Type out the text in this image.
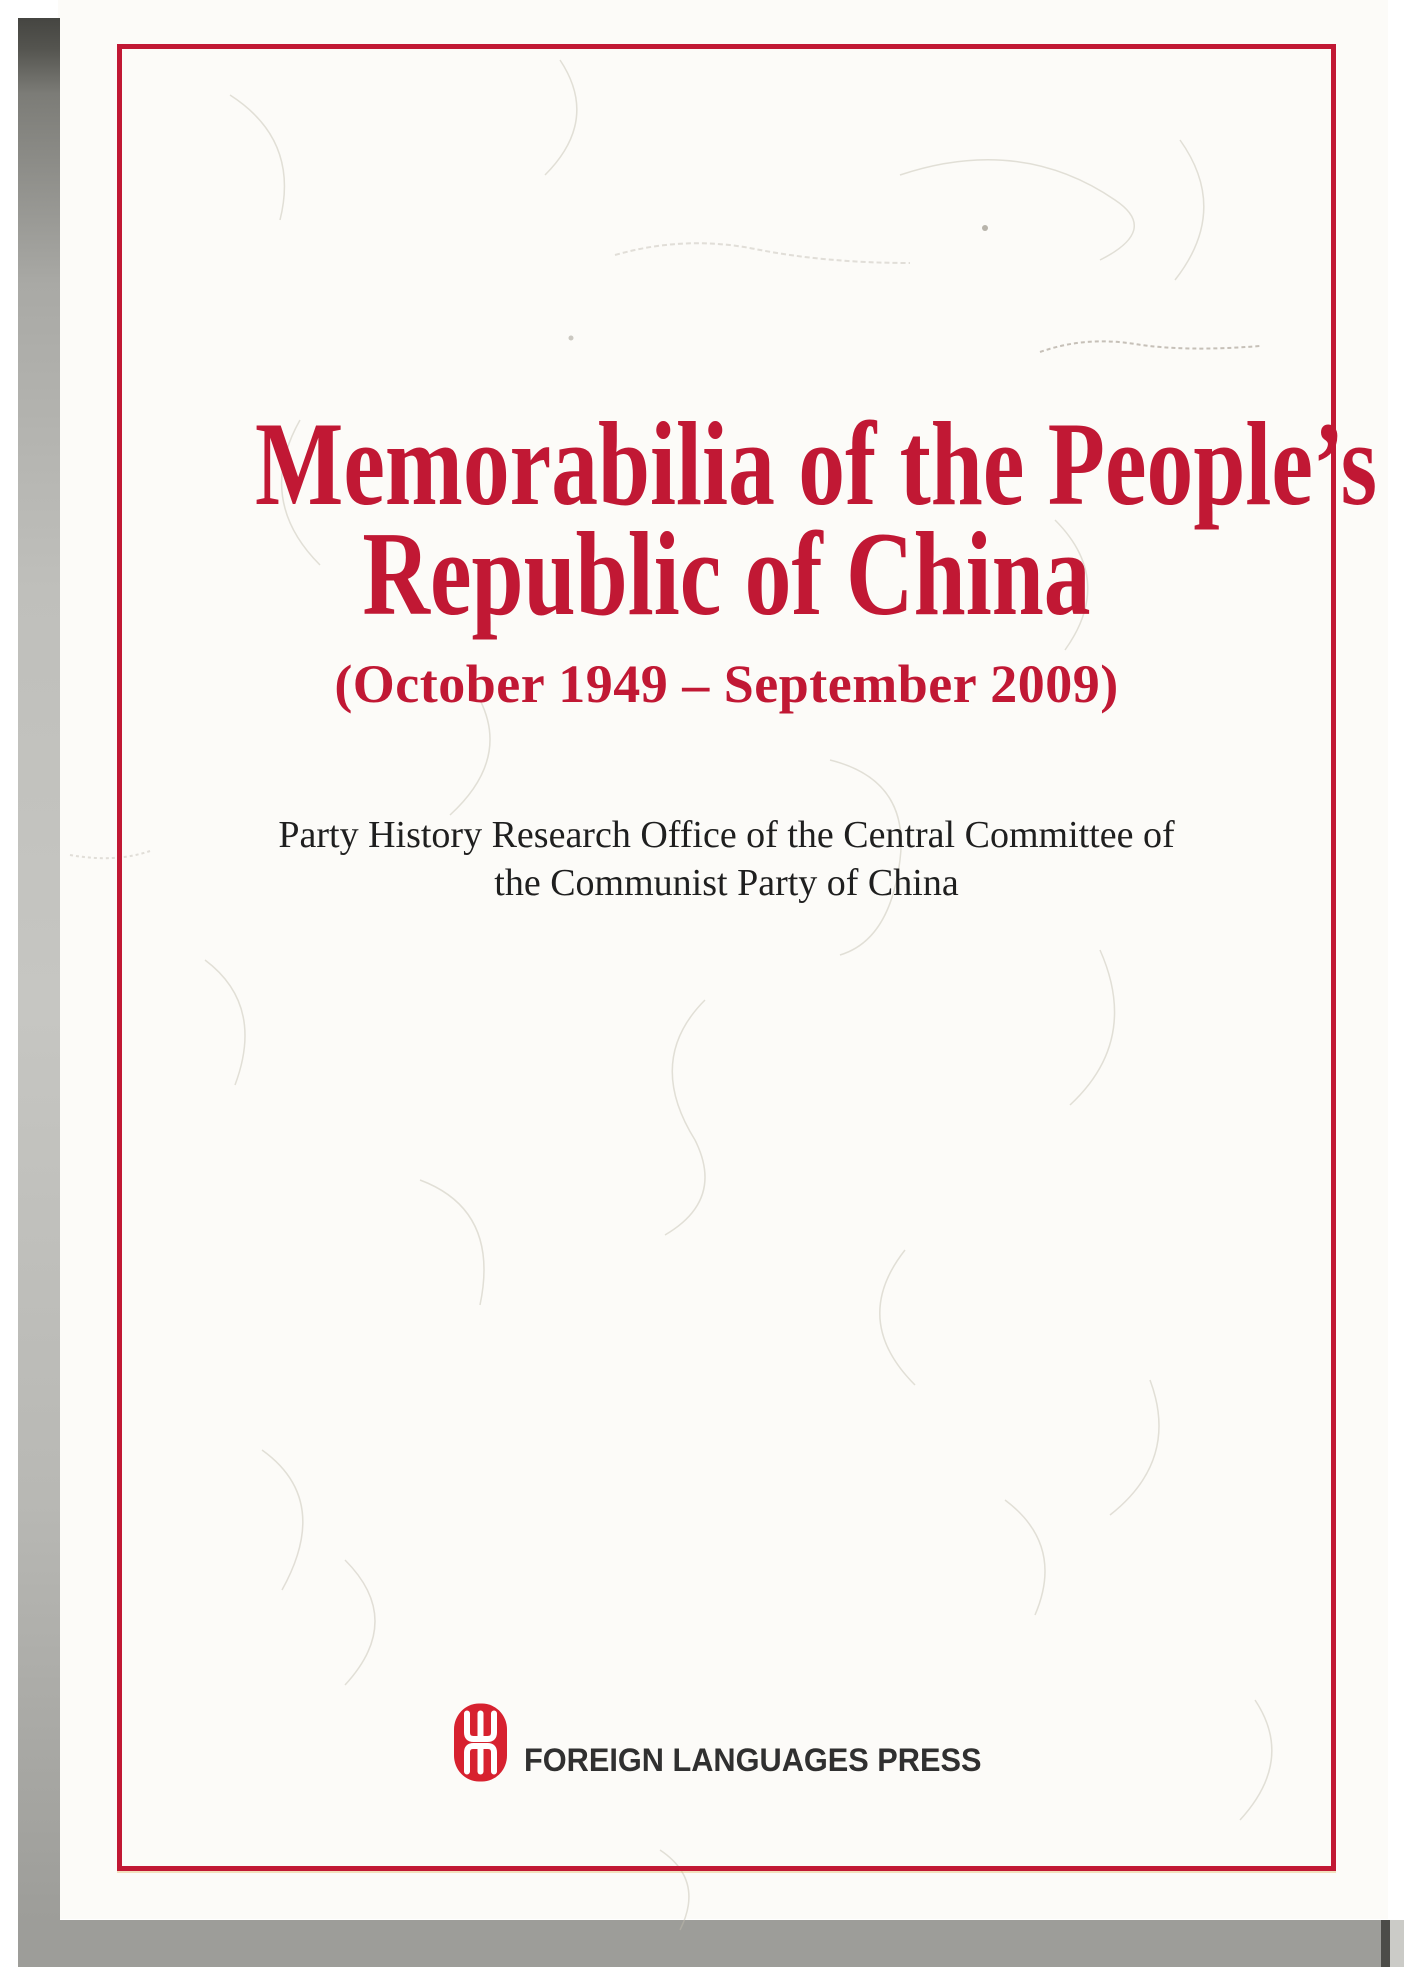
Memorabilia of the People’s
Republic of China
(October 1949 – September 2009)
Party History Research Office of the Central Committee of
the Communist Party of China
FOREIGN LANGUAGES PRESS
